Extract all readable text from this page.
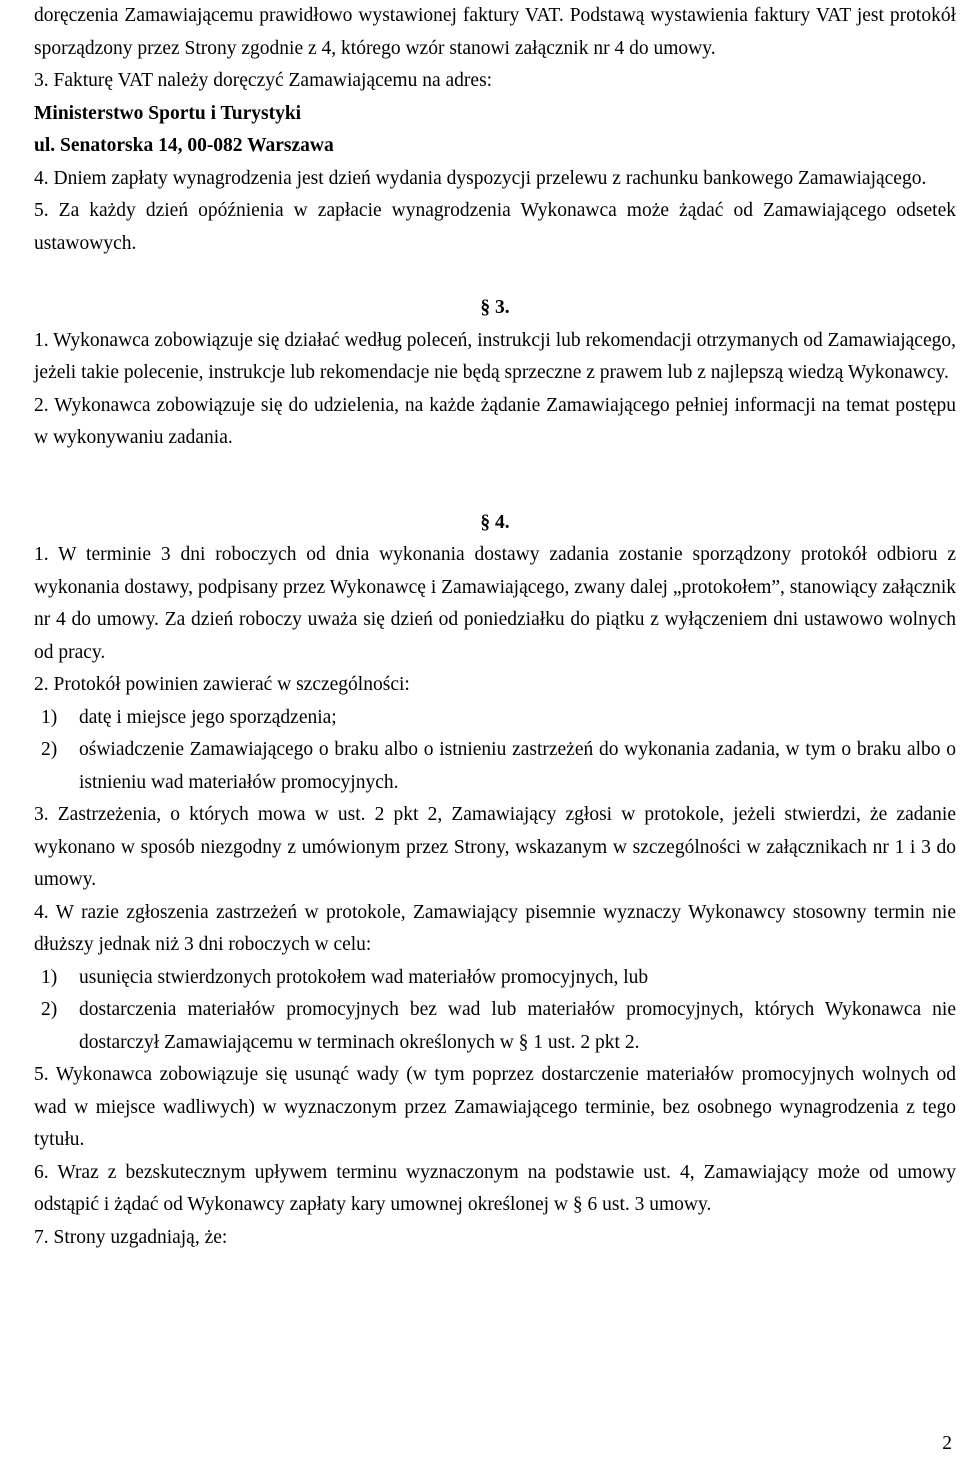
doręczenia Zamawiającemu prawidłowo wystawionej faktury VAT. Podstawą wystawienia faktury VAT jest protokół sporządzony przez Strony zgodnie z 4, którego wzór stanowi załącznik nr 4 do umowy.
3. Fakturę VAT należy doręczyć Zamawiającemu na adres:
Ministerstwo Sportu i Turystyki
ul. Senatorska 14, 00-082 Warszawa
4. Dniem zapłaty wynagrodzenia jest dzień wydania dyspozycji przelewu z rachunku bankowego Zamawiającego.
5. Za każdy dzień opóźnienia w zapłacie wynagrodzenia Wykonawca może żądać od Zamawiającego odsetek ustawowych.
§ 3.
1. Wykonawca zobowiązuje się działać według poleceń, instrukcji lub rekomendacji otrzymanych od Zamawiającego, jeżeli takie polecenie, instrukcje lub rekomendacje nie będą sprzeczne z prawem lub z najlepszą wiedzą Wykonawcy.
2. Wykonawca zobowiązuje się do udzielenia, na każde żądanie Zamawiającego pełniej informacji na temat postępu w wykonywaniu zadania.
§ 4.
1. W terminie 3 dni roboczych od dnia wykonania dostawy zadania zostanie sporządzony protokół odbioru z wykonania dostawy, podpisany przez Wykonawcę i Zamawiającego, zwany dalej „protokołem”, stanowiący załącznik nr 4 do umowy. Za dzień roboczy uważa się dzień od poniedziałku do piątku z wyłączeniem dni ustawowo wolnych od pracy.
2. Protokół powinien zawierać w szczególności:
1) datę i miejsce jego sporządzenia;
2) oświadczenie Zamawiającego o braku albo o istnieniu zastrzeżeń do wykonania zadania, w tym o braku albo o istnieniu wad materiałów promocyjnych.
3. Zastrzeżenia, o których mowa w ust. 2 pkt 2, Zamawiający zgłosi w protokole, jeżeli stwierdzi, że zadanie wykonano w sposób niezgodny z umówionym przez Strony, wskazanym w szczególności w załącznikach nr 1 i 3 do umowy.
4. W razie zgłoszenia zastrzeżeń w protokole, Zamawiający pisemnie wyznaczy Wykonawcy stosowny termin nie dłuższy jednak niż 3 dni roboczych w celu:
1) usunięcia stwierdzonych protokołem wad materiałów promocyjnych, lub
2) dostarczenia materiałów promocyjnych bez wad lub materiałów promocyjnych, których Wykonawca nie dostarczył Zamawiającemu w terminach określonych w § 1 ust. 2 pkt 2.
5. Wykonawca zobowiązuje się usunąć wady (w tym poprzez dostarczenie materiałów promocyjnych wolnych od wad w miejsce wadliwych) w wyznaczonym przez Zamawiającego terminie, bez osobnego wynagrodzenia z tego tytułu.
6. Wraz z bezskutecznym upływem terminu wyznaczonym na podstawie ust. 4, Zamawiający może od umowy odstąpić i żądać od Wykonawcy zapłaty kary umownej określonej w § 6 ust. 3 umowy.
7. Strony uzgadniają, że:
2
